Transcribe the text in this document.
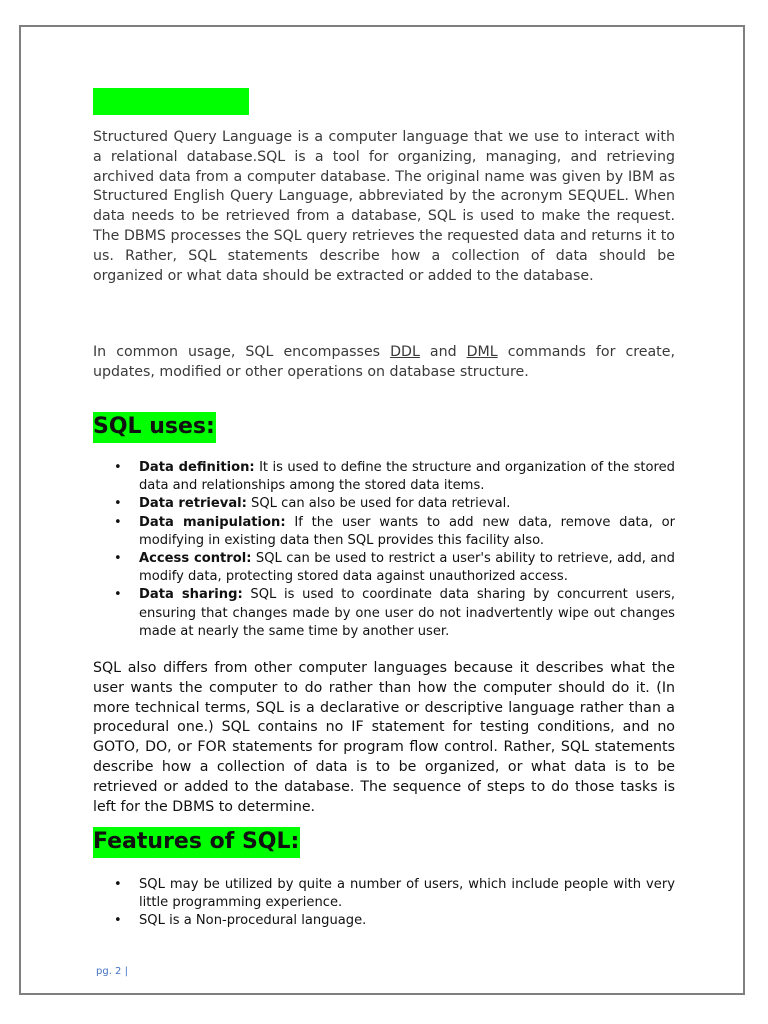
Structured Query Language is a computer language that we use to interact with a relational database.SQL is a tool for organizing, managing, and retrieving archived data from a computer database. The original name was given by IBM as Structured English Query Language, abbreviated by the acronym SEQUEL. When data needs to be retrieved from a database, SQL is used to make the request. The DBMS processes the SQL query retrieves the requested data and returns it to us. Rather, SQL statements describe how a collection of data should be organized or what data should be extracted or added to the database.

In common usage, SQL encompasses DDL and DML commands for create, updates, modified or other operations on database structure.

SQL uses:
• Data definition: It is used to define the structure and organization of the stored data and relationships among the stored data items.
• Data retrieval: SQL can also be used for data retrieval.
• Data manipulation: If the user wants to add new data, remove data, or modifying in existing data then SQL provides this facility also.
• Access control: SQL can be used to restrict a user's ability to retrieve, add, and modify data, protecting stored data against unauthorized access.
• Data sharing: SQL is used to coordinate data sharing by concurrent users, ensuring that changes made by one user do not inadvertently wipe out changes made at nearly the same time by another user.

SQL also differs from other computer languages because it describes what the user wants the computer to do rather than how the computer should do it. (In more technical terms, SQL is a declarative or descriptive language rather than a procedural one.) SQL contains no IF statement for testing conditions, and no GOTO, DO, or FOR statements for program flow control. Rather, SQL statements describe how a collection of data is to be organized, or what data is to be retrieved or added to the database. The sequence of steps to do those tasks is left for the DBMS to determine.

Features of SQL:
• SQL may be utilized by quite a number of users, which include people with very little programming experience.
• SQL is a Non-procedural language.
pg. 2 |
